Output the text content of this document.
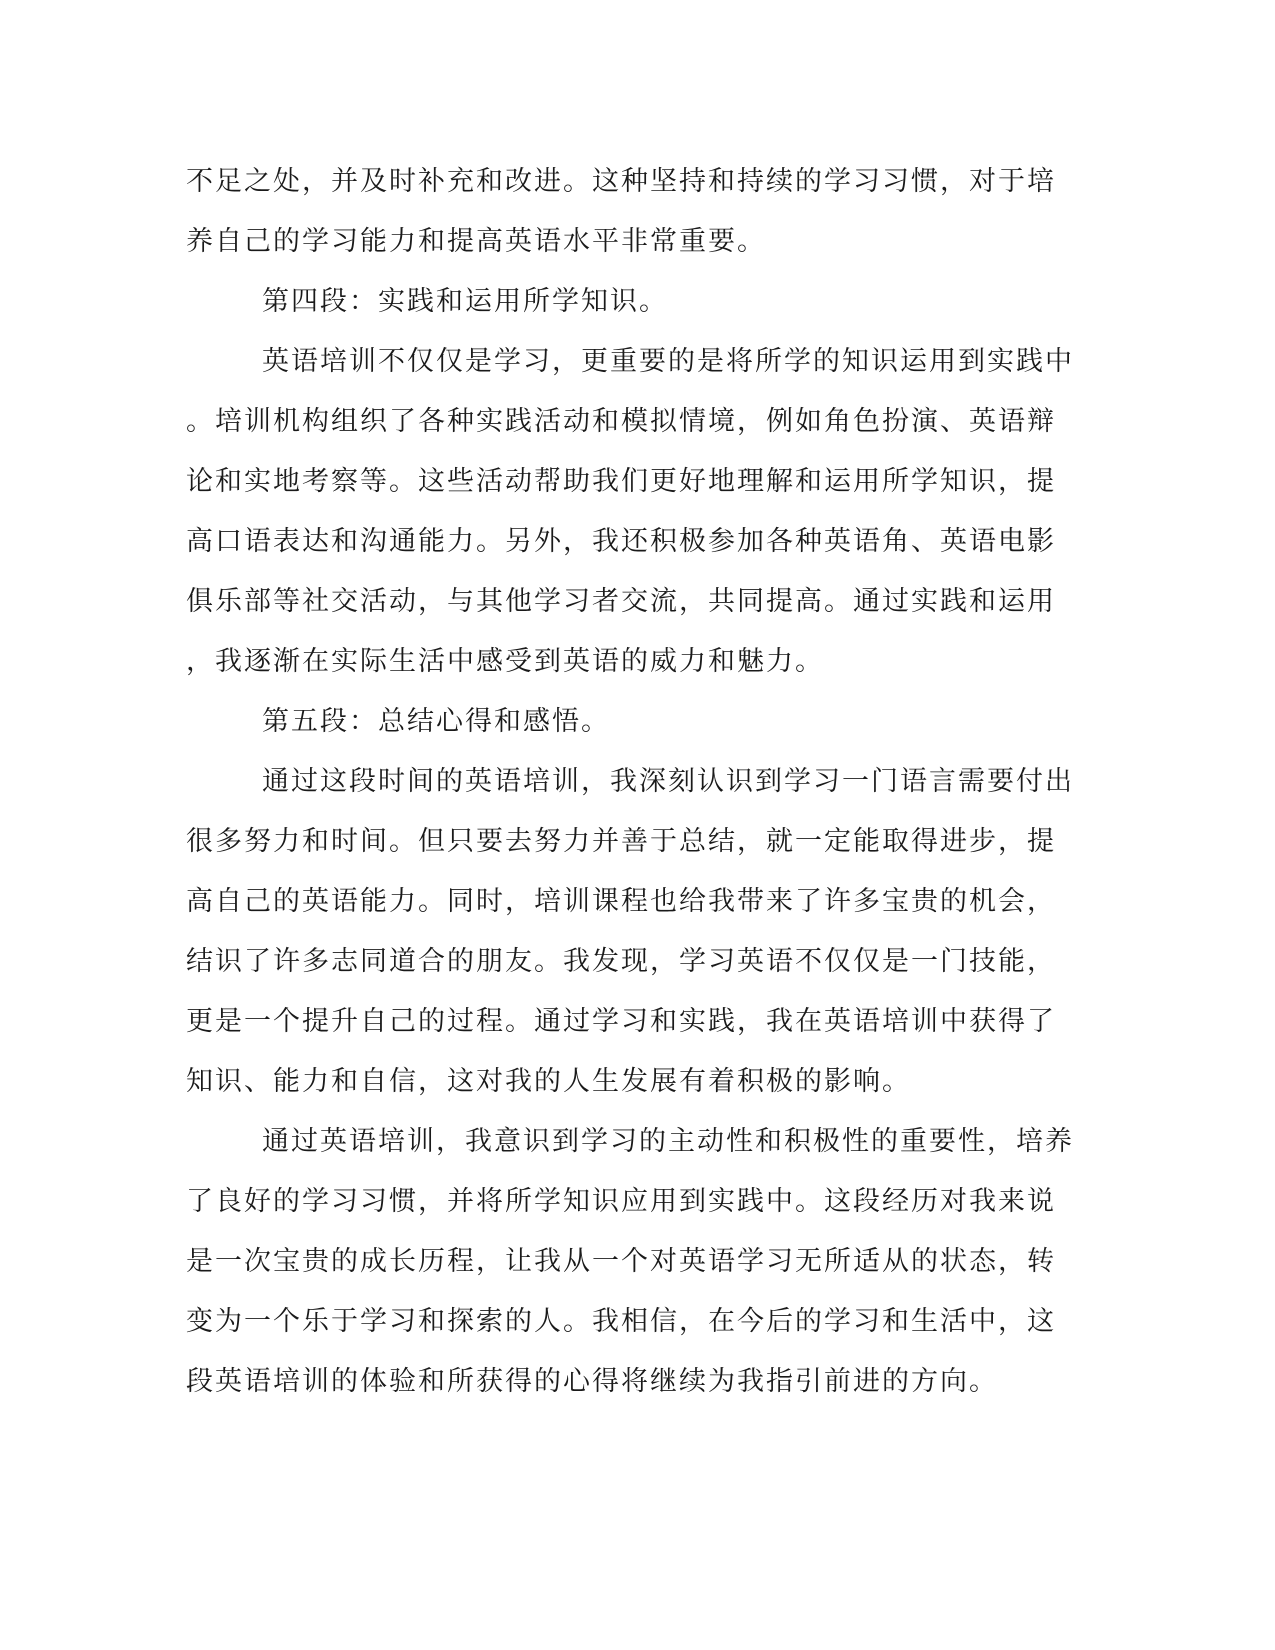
不足之处，并及时补充和改进。这种坚持和持续的学习习惯，对于培
养自己的学习能力和提高英语水平非常重要。
第四段：实践和运用所学知识。
英语培训不仅仅是学习，更重要的是将所学的知识运用到实践中
。培训机构组织了各种实践活动和模拟情境，例如角色扮演、英语辩
论和实地考察等。这些活动帮助我们更好地理解和运用所学知识，提
高口语表达和沟通能力。另外，我还积极参加各种英语角、英语电影
俱乐部等社交活动，与其他学习者交流，共同提高。通过实践和运用
，我逐渐在实际生活中感受到英语的威力和魅力。
第五段：总结心得和感悟。
通过这段时间的英语培训，我深刻认识到学习一门语言需要付出
很多努力和时间。但只要去努力并善于总结，就一定能取得进步，提
高自己的英语能力。同时，培训课程也给我带来了许多宝贵的机会，
结识了许多志同道合的朋友。我发现，学习英语不仅仅是一门技能，
更是一个提升自己的过程。通过学习和实践，我在英语培训中获得了
知识、能力和自信，这对我的人生发展有着积极的影响。
通过英语培训，我意识到学习的主动性和积极性的重要性，培养
了良好的学习习惯，并将所学知识应用到实践中。这段经历对我来说
是一次宝贵的成长历程，让我从一个对英语学习无所适从的状态，转
变为一个乐于学习和探索的人。我相信，在今后的学习和生活中，这
段英语培训的体验和所获得的心得将继续为我指引前进的方向。
